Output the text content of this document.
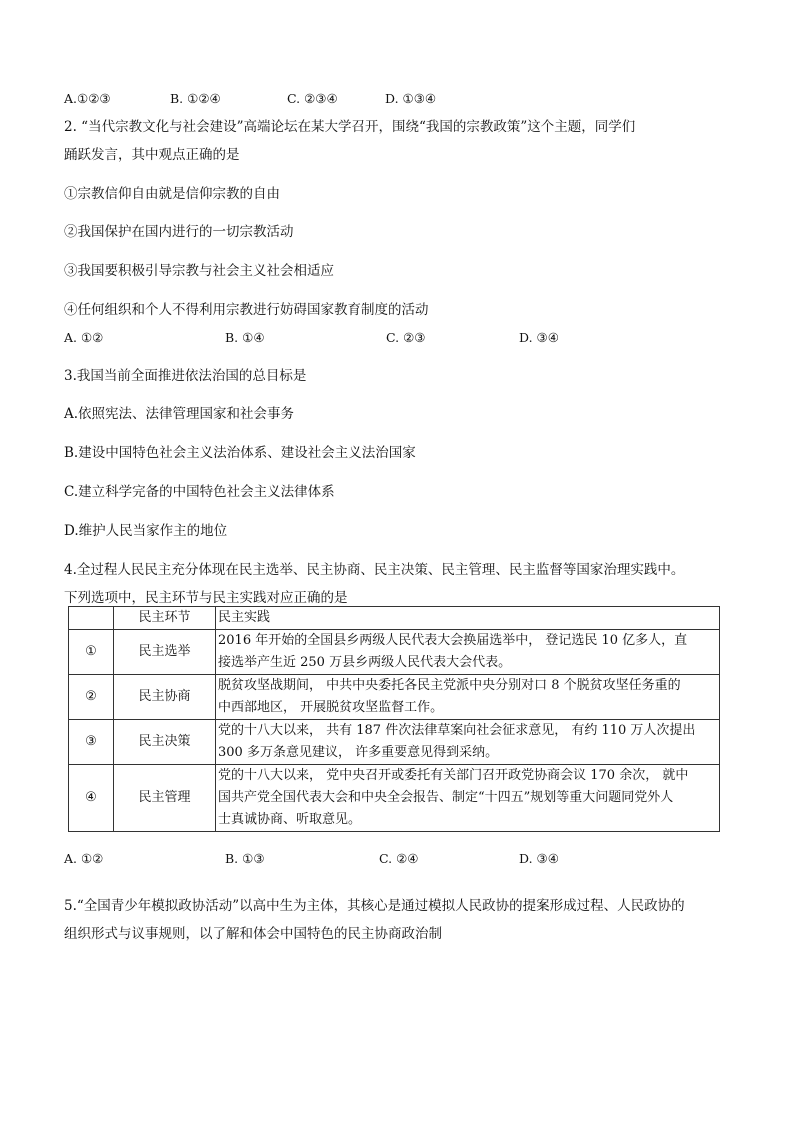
A.①②③	B. ①②④	C. ②③④	D. ①③④
2. “当代宗教文化与社会建设”高端论坛在某大学召开，围绕“我国的宗教政策”这个主题，同学们
踊跃发言，其中观点正确的是
①宗教信仰自由就是信仰宗教的自由
②我国保护在国内进行的一切宗教活动
③我国要积极引导宗教与社会主义社会相适应
④任何组织和个人不得利用宗教进行妨碍国家教育制度的活动
A. ①②	B. ①④	C. ②③	D. ③④
3.我国当前全面推进依法治国的总目标是
A.依照宪法、法律管理国家和社会事务
B.建设中国特色社会主义法治体系、建设社会主义法治国家
C.建立科学完备的中国特色社会主义法律体系
D.维护人民当家作主的地位
4.全过程人民民主充分体现在民主选举、民主协商、民主决策、民主管理、民主监督等国家治理实践中。
下列选项中，民主环节与民主实践对应正确的是
	民主环节	民主实践
①	民主选举	2016 年开始的全国县乡两级人民代表大会换届选举中， 登记选民 10 亿多人，直
接选举产生近 250 万县乡两级人民代表大会代表。

②	民主协商	脱贫攻坚战期间， 中共中央委托各民主党派中央分别对口 8 个脱贫攻坚任务重的
中西部地区， 开展脱贫攻坚监督工作。

③	民主决策	党的十八大以来， 共有 187 件次法律草案向社会征求意见， 有约 110 万人次提出
300 多万条意见建议， 许多重要意见得到采纳。

④	民主管理	党的十八大以来， 党中央召开或委托有关部门召开政党协商会议 170 余次， 就中
国共产党全国代表大会和中央全会报告、制定“十四五”规划等重大问题同党外人
士真诚协商、听取意见。
A. ①②	B. ①③	C. ②④	D. ③④
5.“全国青少年模拟政协活动”以高中生为主体，其核心是通过模拟人民政协的提案形成过程、人民政协的
组织形式与议事规则，以了解和体会中国特色的民主协商政治制
